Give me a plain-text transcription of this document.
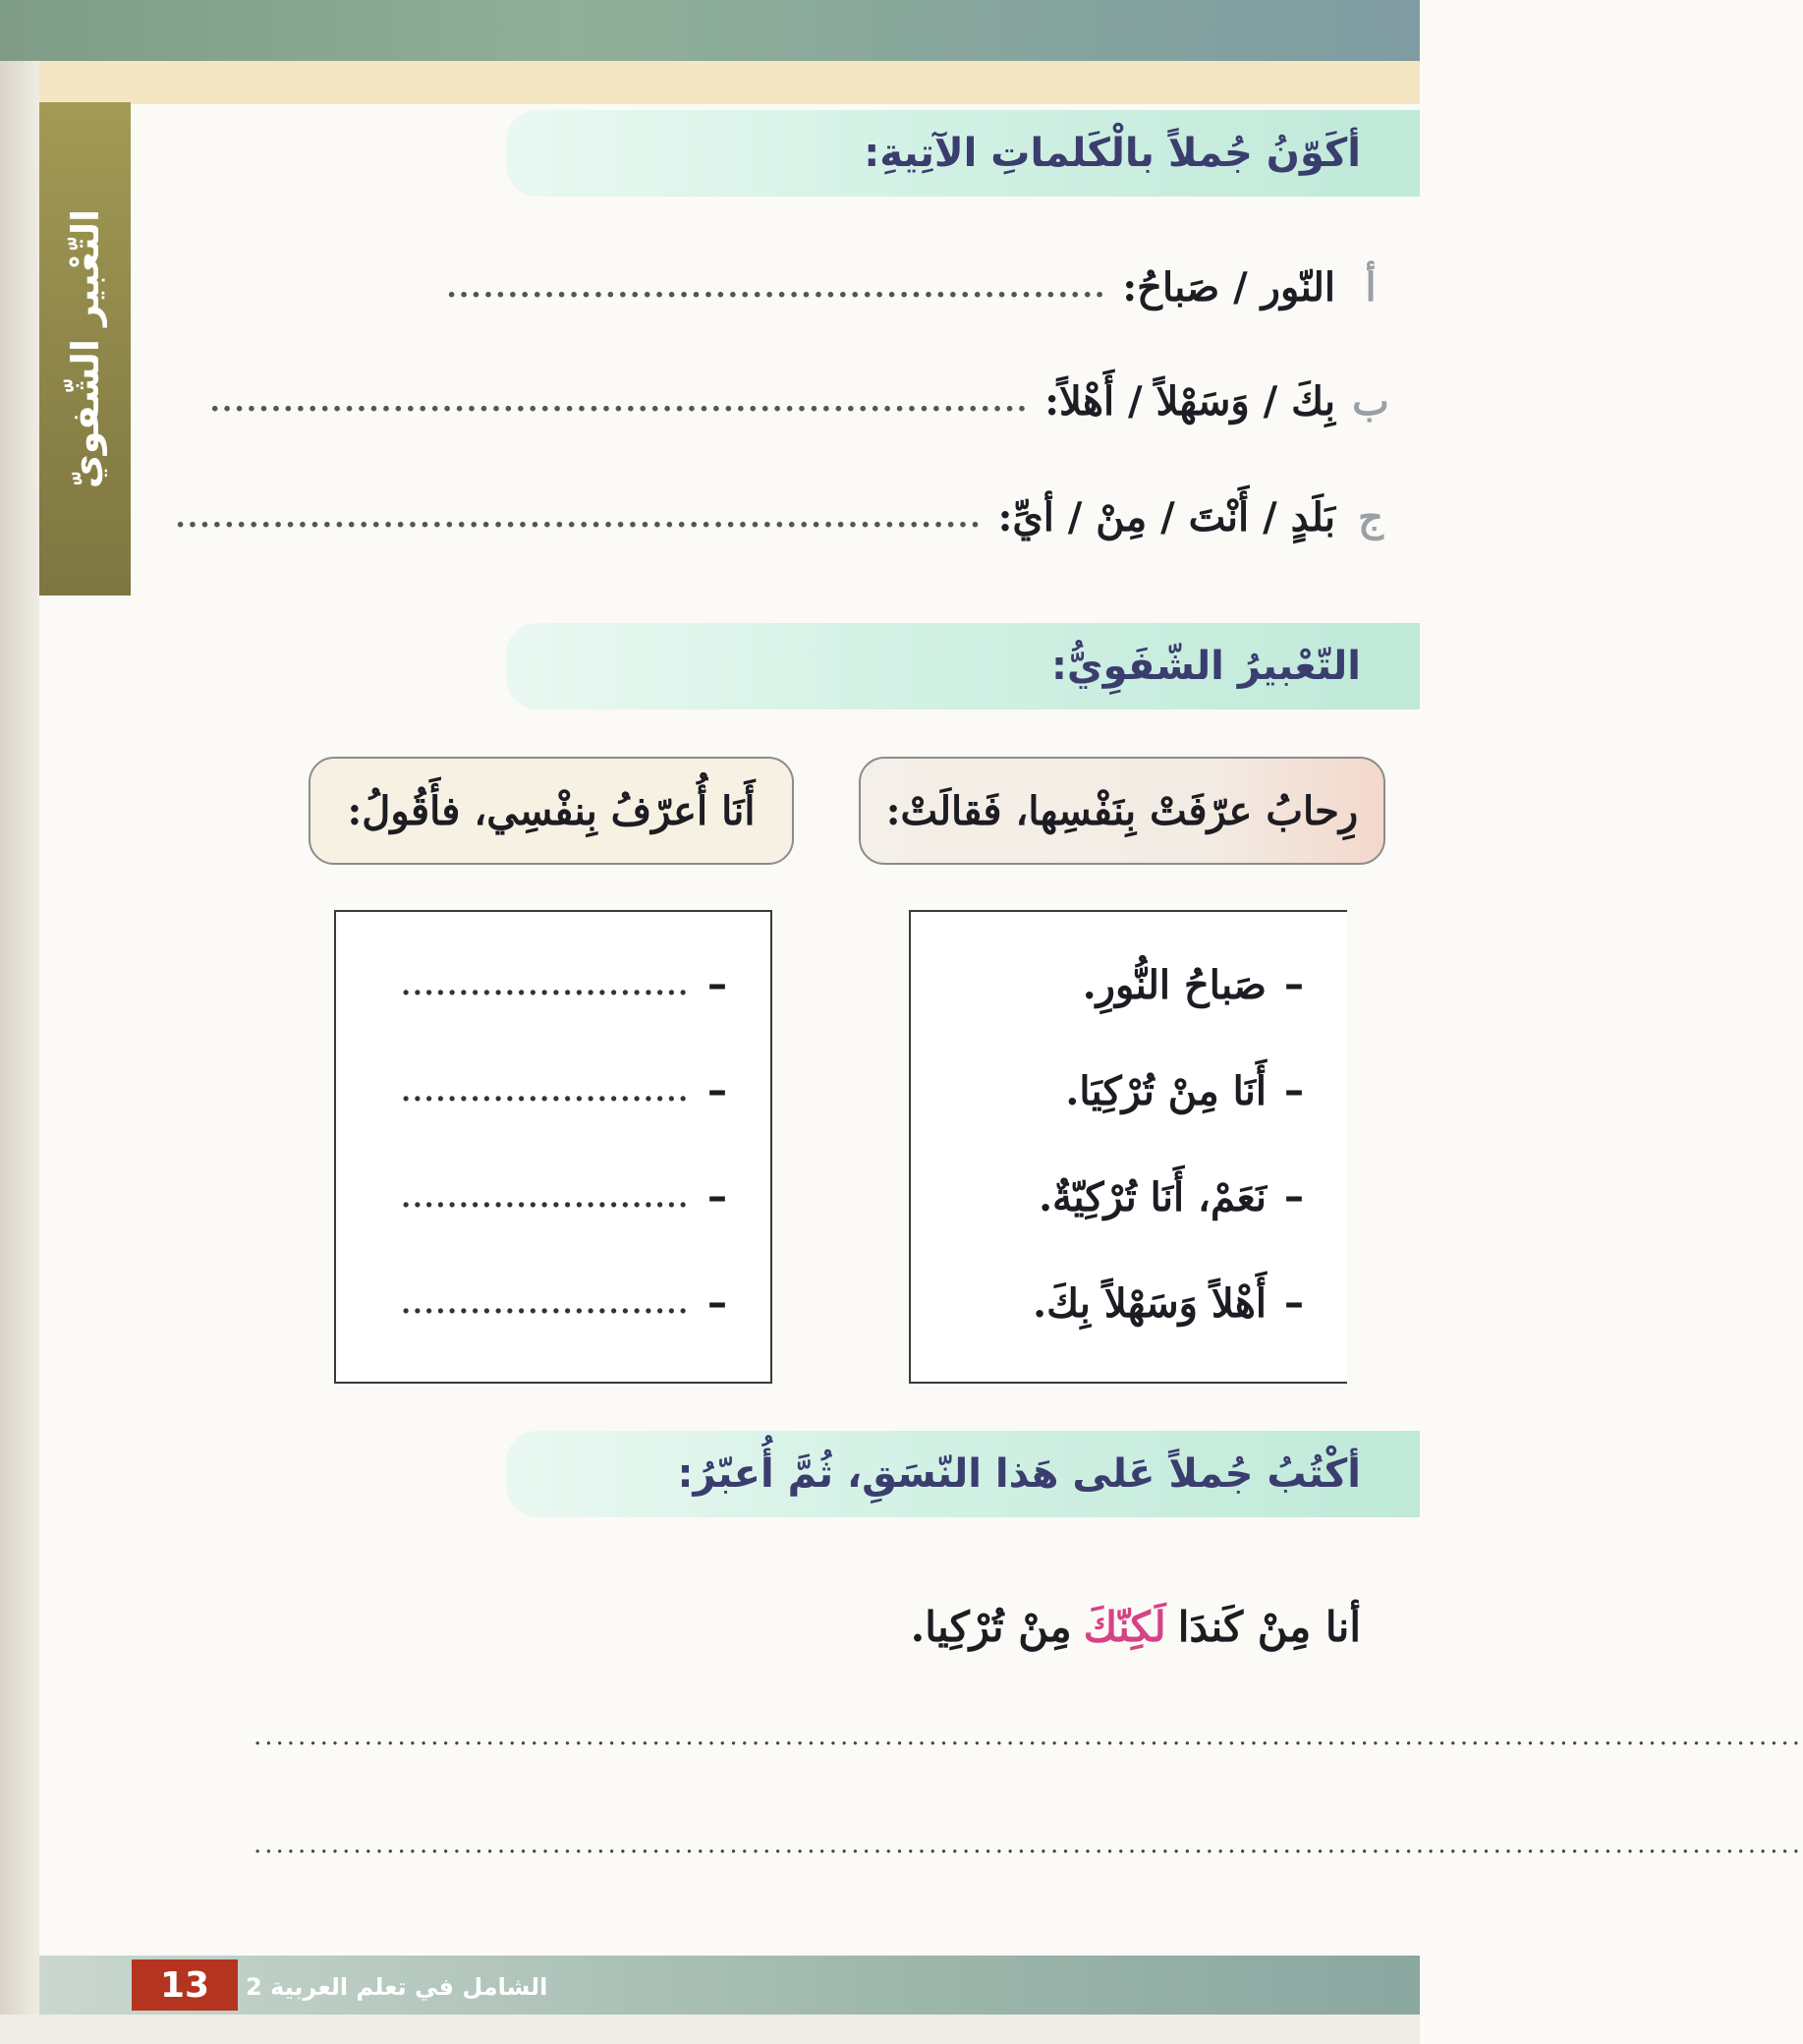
التّعْبير الشّفويّ
أكَوّنُ جُملاً بالْكَلماتِ الآتِيةِ:
أ
النّور / صَباحُ:
......................................................
ب
بِكَ / وَسَهْلاً / أَهْلاً:
...................................................................
ج
بَلَدٍ / أَنْتَ / مِنْ / أيِّ:
..................................................................
التّعْبيرُ الشّفَوِيُّ:
رِحابُ عرّفَتْ بِنَفْسِها، فَقالَتْ:
أَنَا أُعرّفُ بِنفْسِي، فأَقُولُ:
–
صَباحُ النُّورِ.
–
أَنَا مِنْ تُرْكِيَا.
–
نَعَمْ، أَنَا تُرْكِيّةٌ.
–
أَهْلاً وَسَهْلاً بِكَ.
–
.........................
–
.........................
–
.........................
–
.........................
أكْتُبُ جُملاً عَلى هَذا النّسَقِ، ثُمَّ أُعبّرُ:
أنا مِنْ كَندَا
لَكِنّكَ
مِنْ تُرْكِيا.
............................................................................................................................................
............................................................................................................................................
13	الشامل في تعلم العربية 2
